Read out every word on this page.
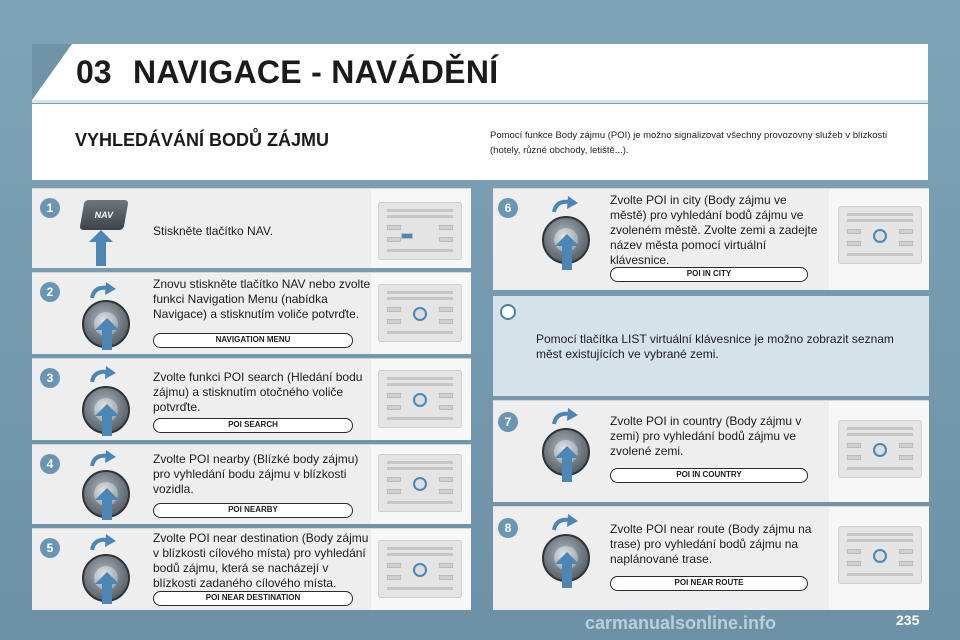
03 NAVIGACE - NAVÁDĚNÍ
VYHLEDÁVÁNÍ BODŮ ZÁJMU	Pomocí funkce Body zájmu (POI) je možno signalizovat všechny provozovny služeb v blízkosti (hotely, různé obchody, letiště...).
1	NAV
Stiskněte tlačítko NAV.
2
Znovu stiskněte tlačítko NAV nebo zvolte funkci Navigation Menu (nabídka Navigace) a stisknutím voliče potvrďte.
NAVIGATION MENU
3	Zvolte funkci POI search (Hledání bodu zájmu) a stisknutím otočného voliče potvrďte.
POI SEARCH
4	Zvolte POI nearby (Blízké body zájmu) pro vyhledání bodu zájmu v blízkosti vozidla.
POI NEARBY
5
Zvolte POI near destination (Body zájmu v blízkosti cílového místa) pro vyhledání bodů zájmu, která se nacházejí v blízkosti zadaného cílového místa.
POI NEAR DESTINATION
6
Zvolte POI in city (Body zájmu ve městě) pro vyhledání bodů zájmu ve zvoleném městě. Zvolte zemi a zadejte název města pomocí virtuální klávesnice.
POI IN CITY
Pomocí tlačítka LIST virtuální klávesnice je možno zobrazit seznam měst existujících ve vybrané zemi.
7	Zvolte POI in country (Body zájmu v zemi) pro vyhledání bodů zájmu ve zvolené zemi.
POI IN COUNTRY
8	Zvolte POI near route (Body zájmu na trase) pro vyhledání bodů zájmu na naplánované trase.
POI NEAR ROUTE
carmanualsonline.info	235
